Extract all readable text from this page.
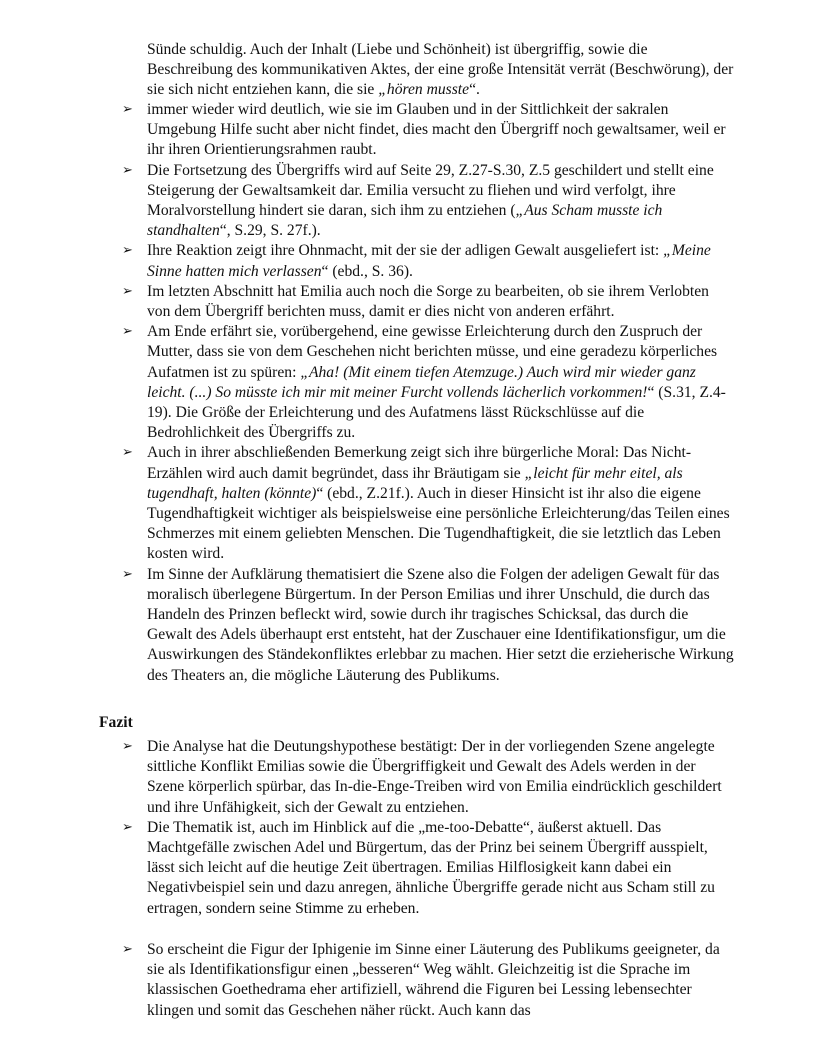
Sünde schuldig. Auch der Inhalt (Liebe und Schönheit) ist übergriffig, sowie die Beschreibung des kommunikativen Aktes, der eine große Intensität verrät (Beschwörung), der sie sich nicht entziehen kann, die sie „hören musste“.

➢ immer wieder wird deutlich, wie sie im Glauben und in der Sittlichkeit der sakralen Umgebung Hilfe sucht aber nicht findet, dies macht den Übergriff noch gewaltsamer, weil er ihr ihren Orientierungsrahmen raubt.
➢ Die Fortsetzung des Übergriffs wird auf Seite 29, Z.27-S.30, Z.5 geschildert und stellt eine Steigerung der Gewaltsamkeit dar. Emilia versucht zu fliehen und wird verfolgt, ihre Moralvorstellung hindert sie daran, sich ihm zu entziehen („Aus Scham musste ich standhalten“, S.29, S. 27f.).
➢ Ihre Reaktion zeigt ihre Ohnmacht, mit der sie der adligen Gewalt ausgeliefert ist: „Meine Sinne hatten mich verlassen“ (ebd., S. 36).
➢ Im letzten Abschnitt hat Emilia auch noch die Sorge zu bearbeiten, ob sie ihrem Verlobten von dem Übergriff berichten muss, damit er dies nicht von anderen erfährt.
➢ Am Ende erfährt sie, vorübergehend, eine gewisse Erleichterung durch den Zuspruch der Mutter, dass sie von dem Geschehen nicht berichten müsse, und eine geradezu körperliches Aufatmen ist zu spüren: „Aha! (Mit einem tiefen Atemzuge.) Auch wird mir wieder ganz leicht. (...) So müsste ich mir mit meiner Furcht vollends lächerlich vorkommen!“ (S.31, Z.4-19). Die Größe der Erleichterung und des Aufatmens lässt Rückschlüsse auf die Bedrohlichkeit des Übergriffs zu.
➢ Auch in ihrer abschließenden Bemerkung zeigt sich ihre bürgerliche Moral: Das Nicht-Erzählen wird auch damit begründet, dass ihr Bräutigam sie „leicht für mehr eitel, als tugendhaft, halten (könnte)“ (ebd., Z.21f.). Auch in dieser Hinsicht ist ihr also die eigene Tugendhaftigkeit wichtiger als beispielsweise eine persönliche Erleichterung/das Teilen eines Schmerzes mit einem geliebten Menschen. Die Tugendhaftigkeit, die sie letztlich das Leben kosten wird.
➢ Im Sinne der Aufklärung thematisiert die Szene also die Folgen der adeligen Gewalt für das moralisch überlegene Bürgertum. In der Person Emilias und ihrer Unschuld, die durch das Handeln des Prinzen befleckt wird, sowie durch ihr tragisches Schicksal, das durch die Gewalt des Adels überhaupt erst entsteht, hat der Zuschauer eine Identifikationsfigur, um die Auswirkungen des Ständekonfliktes erlebbar zu machen. Hier setzt die erzieherische Wirkung des Theaters an, die mögliche Läuterung des Publikums.
Fazit
➢ Die Analyse hat die Deutungshypothese bestätigt: Der in der vorliegenden Szene angelegte sittliche Konflikt Emilias sowie die Übergriffigkeit und Gewalt des Adels werden in der Szene körperlich spürbar, das In-die-Enge-Treiben wird von Emilia eindrücklich geschildert und ihre Unfähigkeit, sich der Gewalt zu entziehen.
➢ Die Thematik ist, auch im Hinblick auf die „me-too-Debatte“, äußerst aktuell. Das Machtgefälle zwischen Adel und Bürgertum, das der Prinz bei seinem Übergriff ausspielt, lässt sich leicht auf die heutige Zeit übertragen. Emilias Hilflosigkeit kann dabei ein Negativbeispiel sein und dazu anregen, ähnliche Übergriffe gerade nicht aus Scham still zu ertragen, sondern seine Stimme zu erheben.
➢ So erscheint die Figur der Iphigenie im Sinne einer Läuterung des Publikums geeigneter, da sie als Identifikationsfigur einen „besseren“ Weg wählt. Gleichzeitig ist die Sprache im klassischen Goethedrama eher artifiziell, während die Figuren bei Lessing lebensechter klingen und somit das Geschehen näher rückt. Auch kann das
